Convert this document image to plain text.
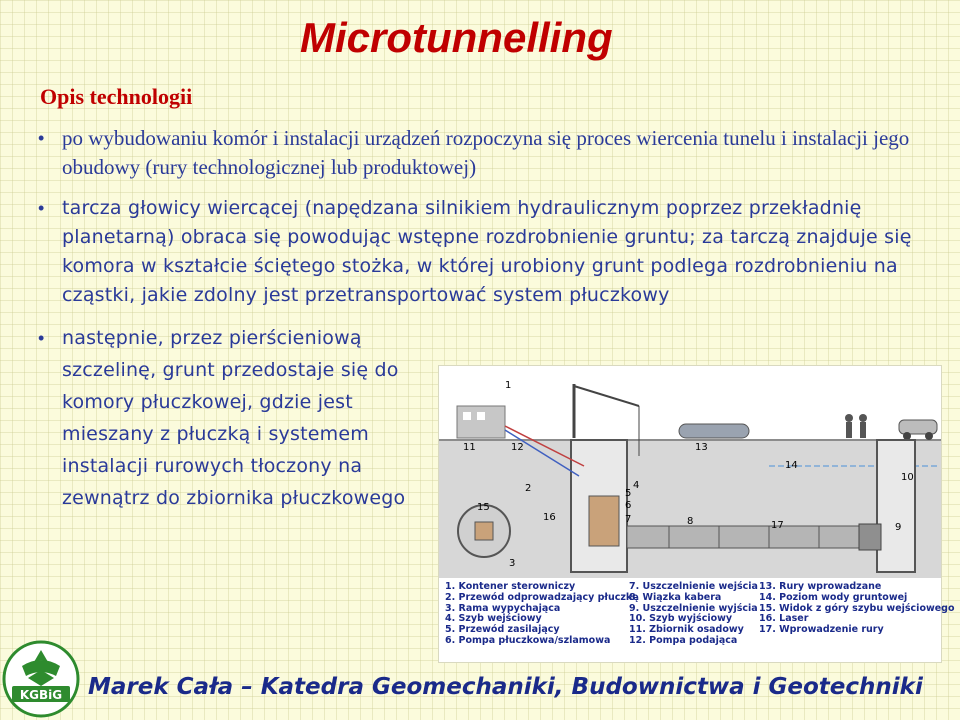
Microtunnelling
Opis technologii
• po wybudowaniu komór i instalacji urządzeń rozpoczyna się proces wiercenia tunelu i instalacji jego obudowy (rury technologicznej lub produktowej)
• tarcza głowicy wiercącej (napędzana silnikiem hydraulicznym poprzez przekładnię planetarną) obraca się powodując wstępne rozdrobnienie gruntu; za tarczą znajduje się komora w kształcie ściętego stożka, w której urobiony grunt podlega rozdrobnieniu na cząstki, jakie zdolny jest przetransportować system płuczkowy
• następnie, przez pierścieniową szczelinę, grunt przedostaje się do komory płuczkowej, gdzie jest mieszany z płuczką i systemem instalacji rurowych tłoczony na zewnątrz do zbiornika płuczkowego
1
2
3
4
5
6
7	8
9
10
11	12	13
14
15
16
17
1. Kontener sterowniczy
2. Przewód odprowadzający płuczkę
3. Rama wypychająca
4. Szyb wejściowy
5. Przewód zasilający
6. Pompa płuczkowa/szlamowa
7. Uszczelnienie wejścia
8. Wiązka kabera
9. Uszczelnienie wyjścia
10. Szyb wyjściowy
11. Zbiornik osadowy
12. Pompa podająca
13. Rury wprowadzane
14. Poziom wody gruntowej
15. Widok z góry szybu wejściowego
16. Laser
17. Wprowadzenie rury
KGBiG Marek Cała – Katedra Geomechaniki, Budownictwa i Geotechniki
